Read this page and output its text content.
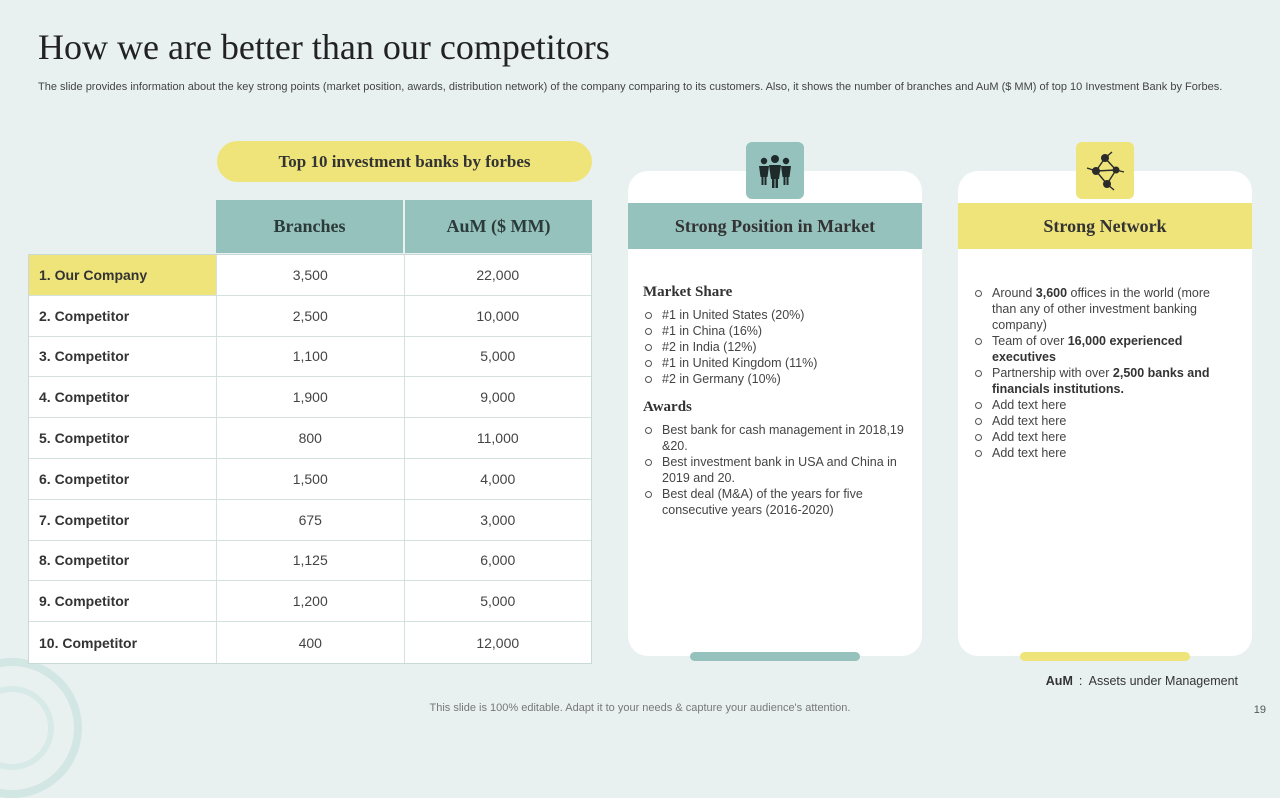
How we are better than our competitors
The slide provides information about the key strong points (market position, awards, distribution network) of the company comparing to its customers. Also, it shows the number of branches and AuM ($ MM) of top 10 Investment Bank by Forbes.
Top 10 investment banks by forbes
Branches	AuM ($ MM)
1. Our Company	3,500	22,000
2. Competitor	2,500	10,000
3. Competitor	1,100	5,000
4. Competitor	1,900	9,000
5. Competitor	800	11,000
6. Competitor	1,500	4,000
7. Competitor	675	3,000
8. Competitor	1,125	6,000
9. Competitor	1,200	5,000
10. Competitor	400	12,000
Strong Position in Market
Market Share
#1 in United States (20%)
#1 in China (16%)
#2 in India (12%)
#1 in United Kingdom (11%)
#2 in Germany (10%)
Awards
Best bank for cash management in 2018,19 &20.
Best investment bank in USA and China in 2019 and 20.
Best deal (M&A) of the years for five consecutive years (2016-2020)
Strong Network
Around 3,600 offices in the world (more than any of other investment banking company)
Team of over 16,000 experienced executives
Partnership with over 2,500 banks and financials institutions.
Add text here
Add text here
Add text here
Add text here
AuM : Assets under Management
This slide is 100% editable. Adapt it to your needs & capture your audience's attention.	19
